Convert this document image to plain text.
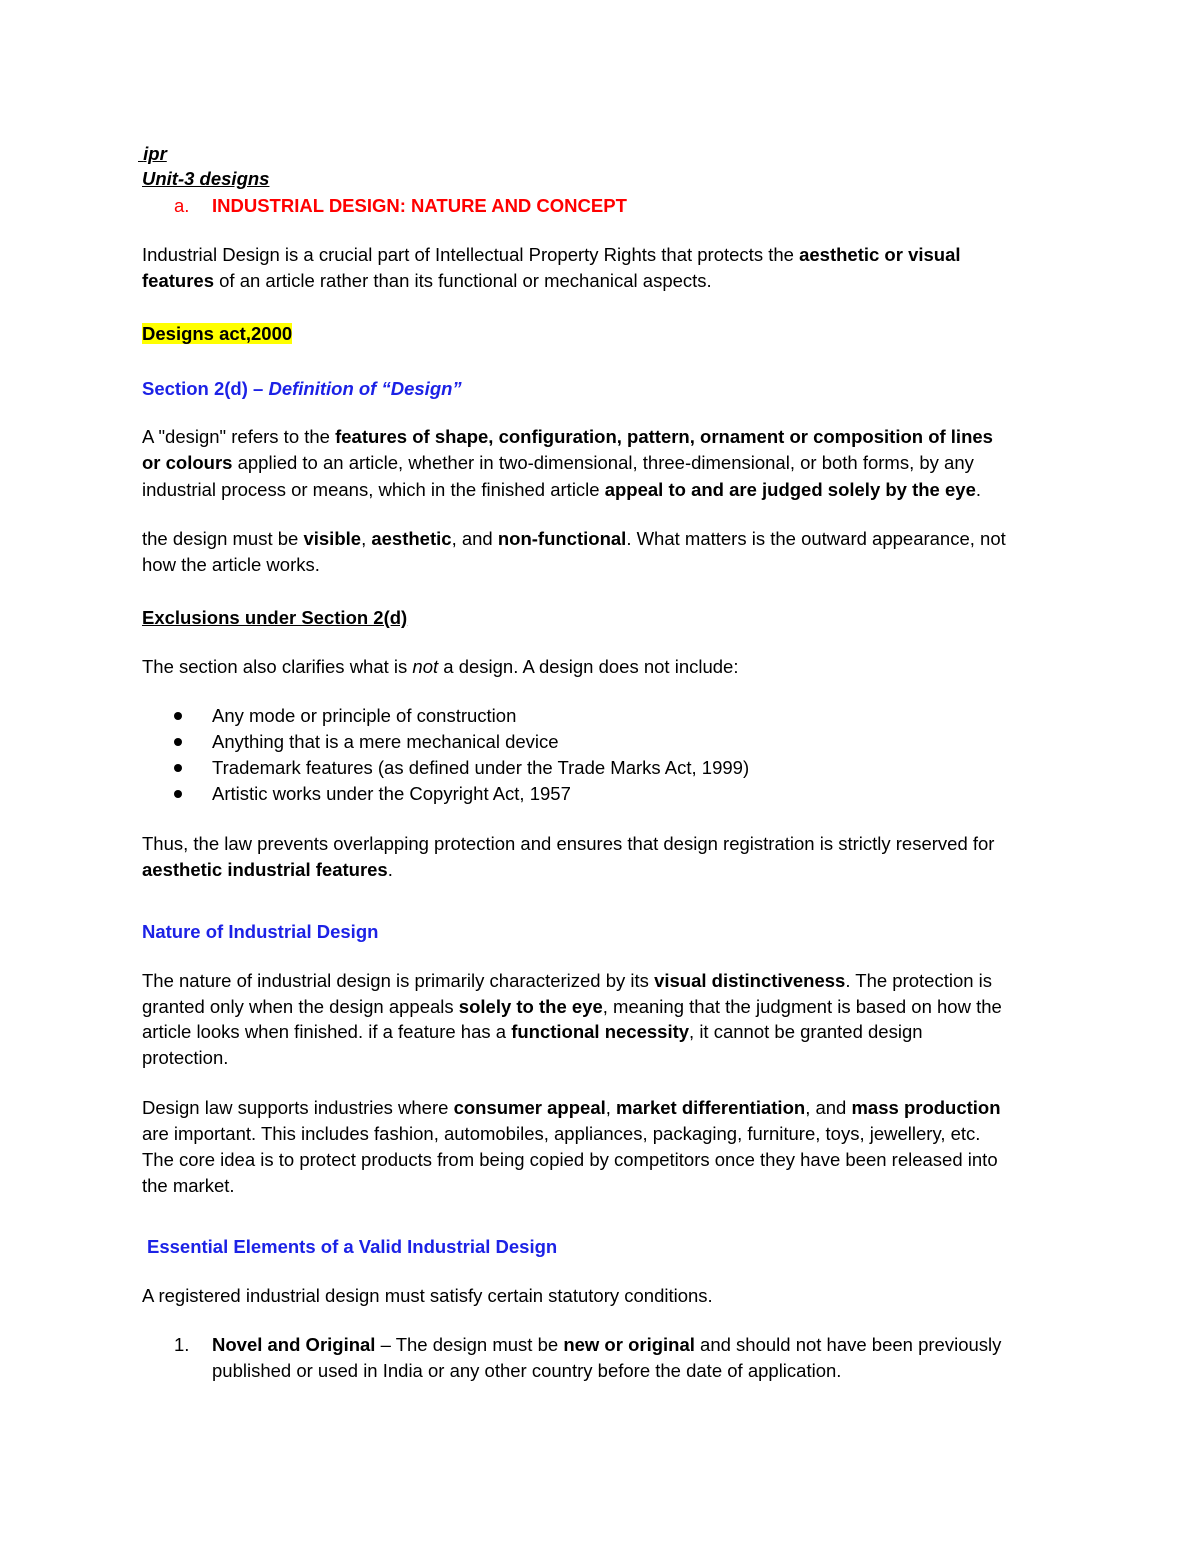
ipr
Unit-3 designs
a. INDUSTRIAL DESIGN: NATURE AND CONCEPT
Industrial Design is a crucial part of Intellectual Property Rights that protects the aesthetic or visual
features of an article rather than its functional or mechanical aspects.
Designs act,2000
Section 2(d) – Definition of “Design”
A "design" refers to the features of shape, configuration, pattern, ornament or composition of lines
or colours applied to an article, whether in two-dimensional, three-dimensional, or both forms, by any
industrial process or means, which in the finished article appeal to and are judged solely by the eye.
the design must be visible, aesthetic, and non-functional. What matters is the outward appearance, not
how the article works.
Exclusions under Section 2(d)
The section also clarifies what is not a design. A design does not include:
Any mode or principle of construction
Anything that is a mere mechanical device
Trademark features (as defined under the Trade Marks Act, 1999)
Artistic works under the Copyright Act, 1957
Thus, the law prevents overlapping protection and ensures that design registration is strictly reserved for
aesthetic industrial features.
Nature of Industrial Design
The nature of industrial design is primarily characterized by its visual distinctiveness. The protection is
granted only when the design appeals solely to the eye, meaning that the judgment is based on how the
article looks when finished. if a feature has a functional necessity, it cannot be granted design
protection.
Design law supports industries where consumer appeal, market differentiation, and mass production
are important. This includes fashion, automobiles, appliances, packaging, furniture, toys, jewellery, etc.
The core idea is to protect products from being copied by competitors once they have been released into
the market.
Essential Elements of a Valid Industrial Design
A registered industrial design must satisfy certain statutory conditions.
1. Novel and Original – The design must be new or original and should not have been previously
published or used in India or any other country before the date of application.
